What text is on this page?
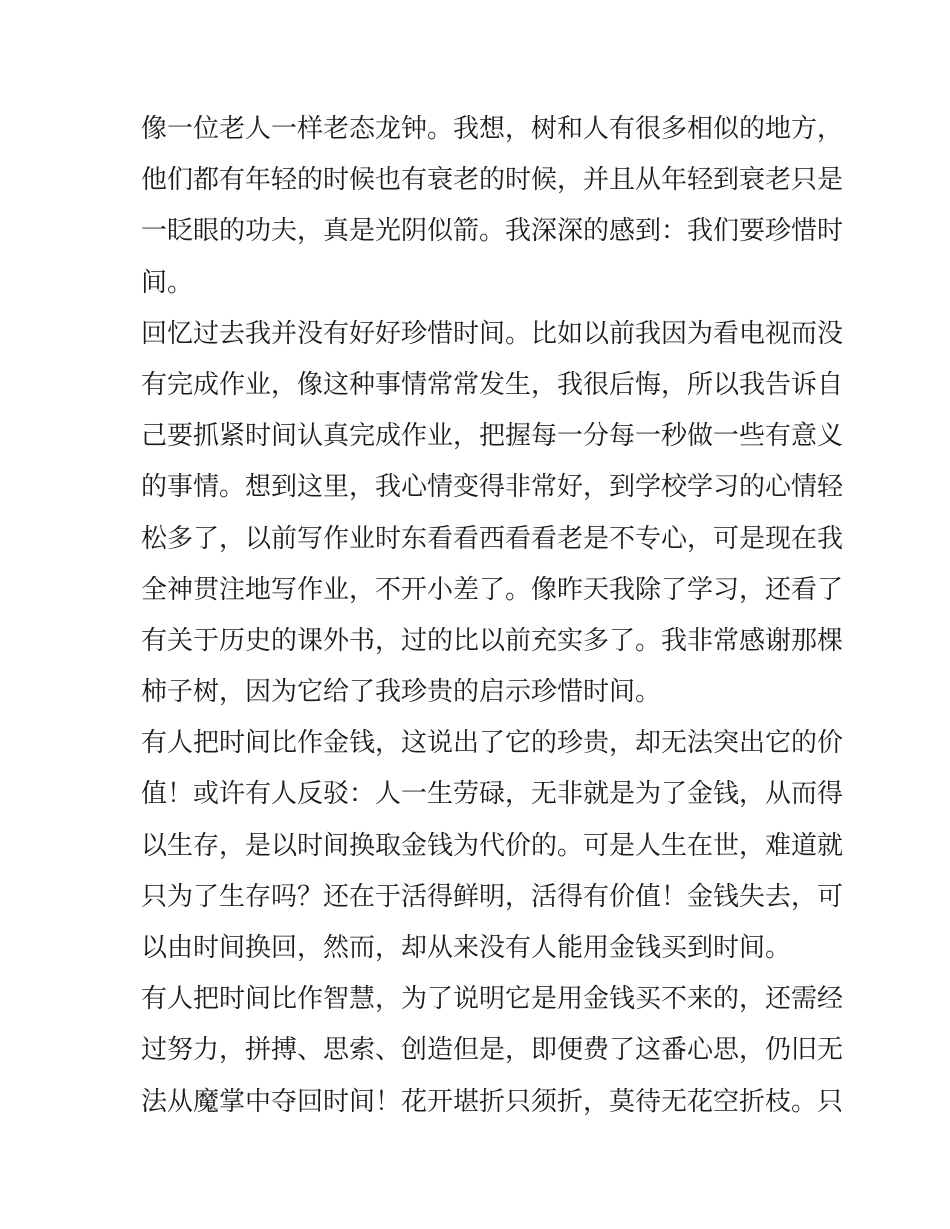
像一位老人一样老态龙钟。我想，树和人有很多相似的地方，
他们都有年轻的时候也有衰老的时候，并且从年轻到衰老只是
一眨眼的功夫，真是光阴似箭。我深深的感到：我们要珍惜时
间。
回忆过去我并没有好好珍惜时间。比如以前我因为看电视而没
有完成作业，像这种事情常常发生，我很后悔，所以我告诉自
己要抓紧时间认真完成作业，把握每一分每一秒做一些有意义
的事情。想到这里，我心情变得非常好，到学校学习的心情轻
松多了，以前写作业时东看看西看看老是不专心，可是现在我
全神贯注地写作业，不开小差了。像昨天我除了学习，还看了
有关于历史的课外书，过的比以前充实多了。我非常感谢那棵
柿子树，因为它给了我珍贵的启示珍惜时间。
有人把时间比作金钱，这说出了它的珍贵，却无法突出它的价
值！或许有人反驳：人一生劳碌，无非就是为了金钱，从而得
以生存，是以时间换取金钱为代价的。可是人生在世，难道就
只为了生存吗？还在于活得鲜明，活得有价值！金钱失去，可
以由时间换回，然而，却从来没有人能用金钱买到时间。
有人把时间比作智慧，为了说明它是用金钱买不来的，还需经
过努力，拼搏、思索、创造但是，即便费了这番心思，仍旧无
法从魔掌中夺回时间！花开堪折只须折，莫待无花空折枝。只
